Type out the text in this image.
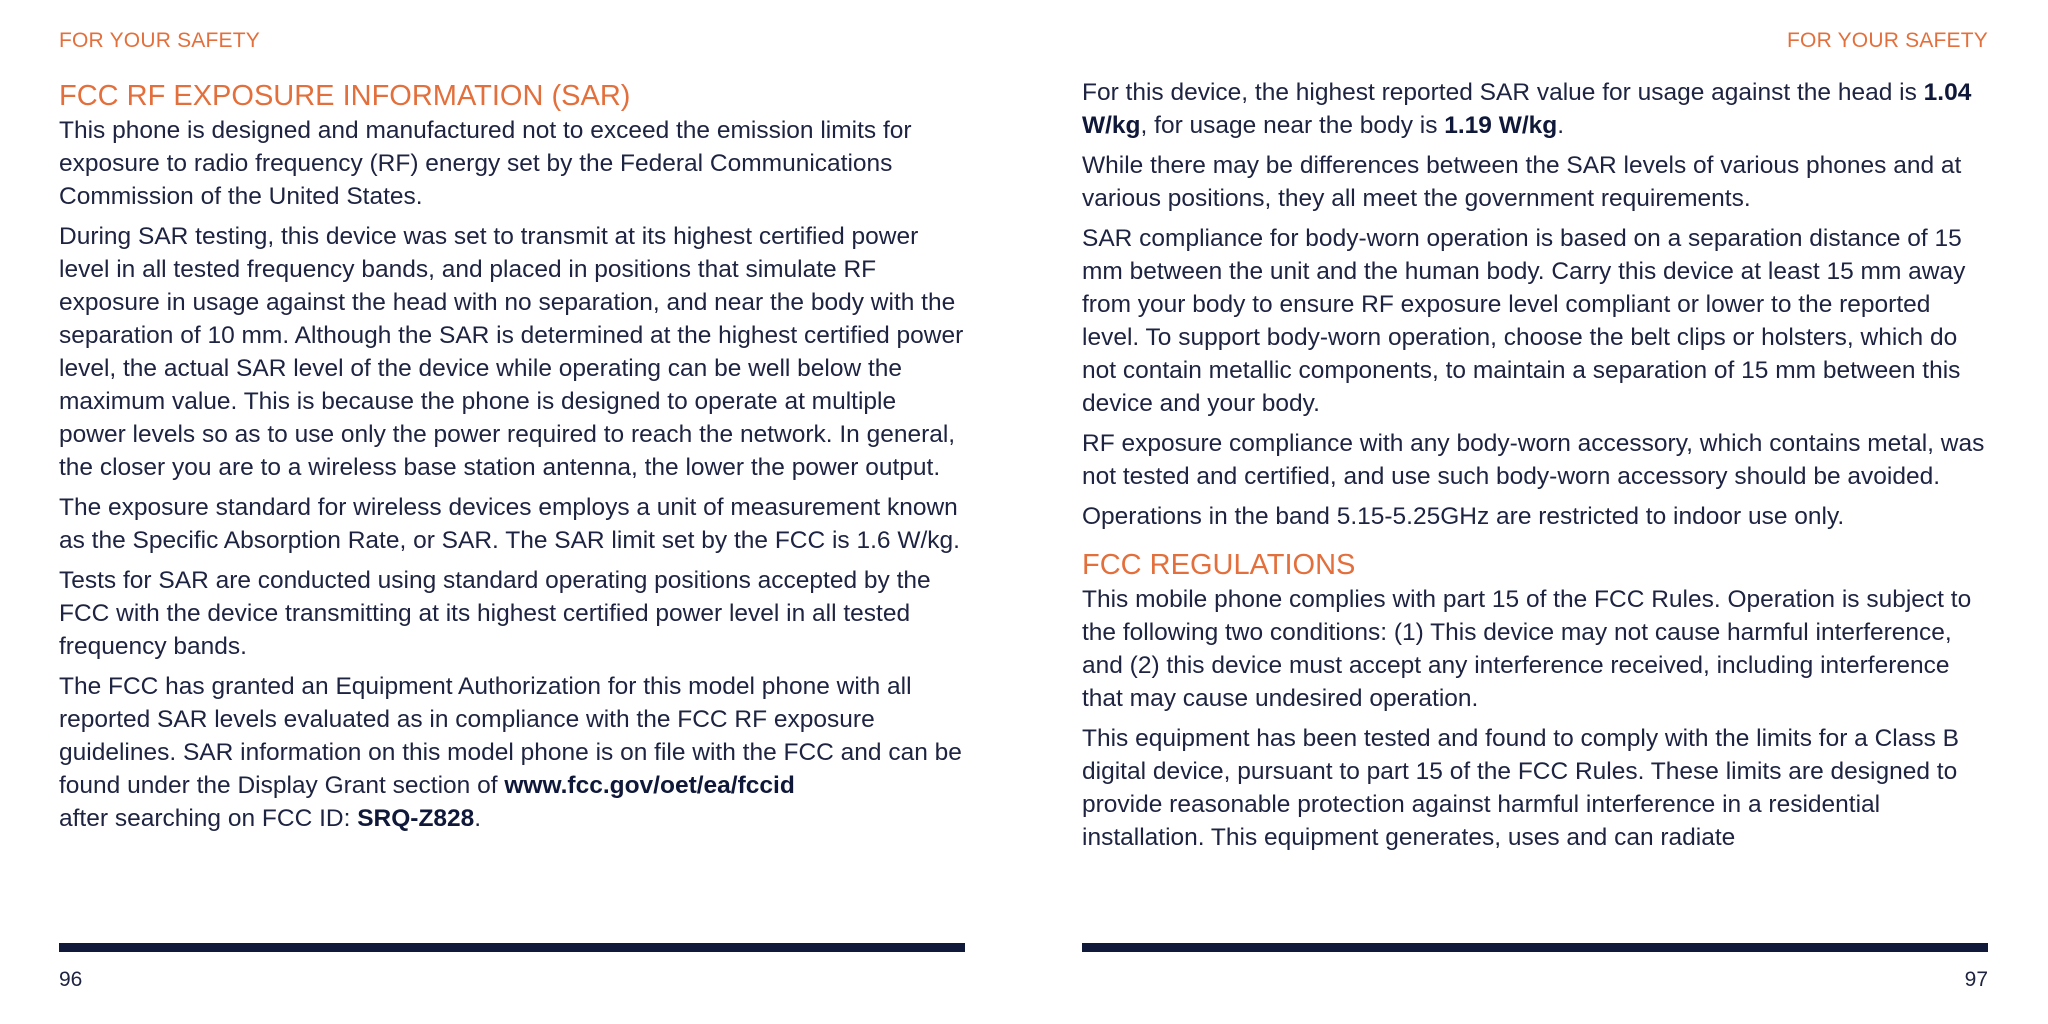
FOR YOUR SAFETY
FCC RF EXPOSURE INFORMATION (SAR)

This phone is designed and manufactured not to exceed the emission limits for exposure to radio frequency (RF) energy set by the Federal Communications Commission of the United States.

During SAR testing, this device was set to transmit at its highest certified power level in all tested frequency bands, and placed in positions that simulate RF exposure in usage against the head with no separation, and near the body with the separation of 10 mm. Although the SAR is determined at the highest certified power level, the actual SAR level of the device while operating can be well below the maximum value. This is because the phone is designed to operate at multiple power levels so as to use only the power required to reach the network. In general, the closer you are to a wireless base station antenna, the lower the power output.

The exposure standard for wireless devices employs a unit of measurement known as the Specific Absorption Rate, or SAR. The SAR limit set by the FCC is 1.6 W/kg.

Tests for SAR are conducted using standard operating positions accepted by the FCC with the device transmitting at its highest certified power level in all tested frequency bands.

The FCC has granted an Equipment Authorization for this model phone with all reported SAR levels evaluated as in compliance with the FCC RF exposure guidelines. SAR information on this model phone is on file with the FCC and can be found under the Display Grant section of www.fcc.gov/oet/ea/fccid
after searching on FCC ID: SRQ-Z828.

96
FOR YOUR SAFETY

For this device, the highest reported SAR value for usage against the head is 1.04 W/kg, for usage near the body is 1.19 W/kg.

While there may be differences between the SAR levels of various phones and at various positions, they all meet the government requirements.

SAR compliance for body-worn operation is based on a separation distance of 15 mm between the unit and the human body. Carry this device at least 15 mm away from your body to ensure RF exposure level compliant or lower to the reported level. To support body-worn operation, choose the belt clips or holsters, which do not contain metallic components, to maintain a separation of 15 mm between this device and your body.

RF exposure compliance with any body-worn accessory, which contains metal, was not tested and certified, and use such body-worn accessory should be avoided.

Operations in the band 5.15-5.25GHz are restricted to indoor use only.

FCC REGULATIONS

This mobile phone complies with part 15 of the FCC Rules. Operation is subject to the following two conditions: (1) This device may not cause harmful interference, and (2) this device must accept any interference received, including interference that may cause undesired operation.

This equipment has been tested and found to comply with the limits for a Class B digital device, pursuant to part 15 of the FCC Rules. These limits are designed to provide reasonable protection against harmful interference in a residential installation. This equipment generates, uses and can radiate

97
